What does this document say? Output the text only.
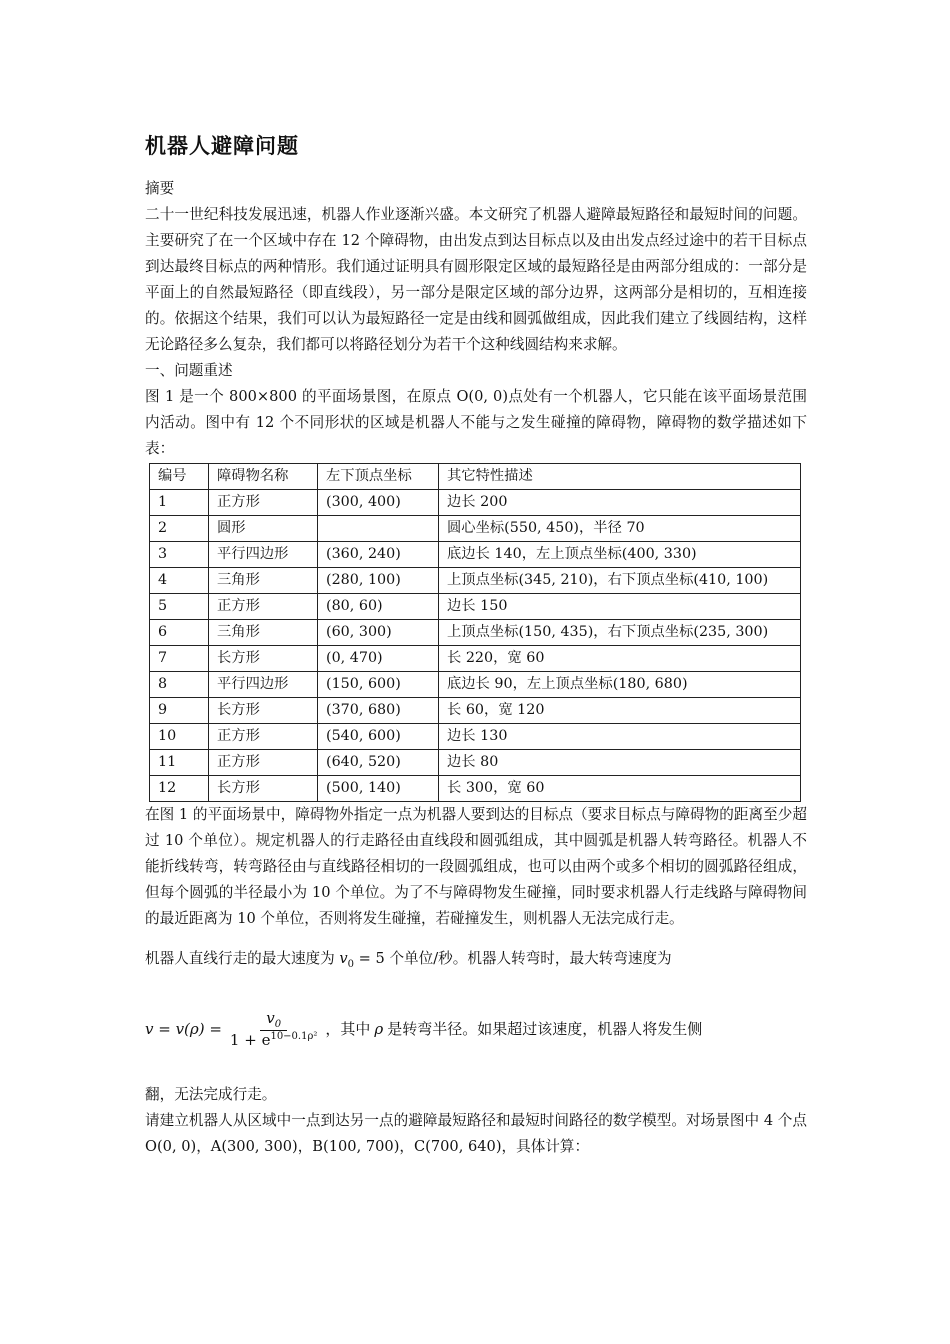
机器人避障问题

摘要

二十一世纪科技发展迅速，机器人作业逐渐兴盛。本文研究了机器人避障最短路径和最短时间的问题。主要研究了在一个区域中存在 12 个障碍物，由出发点到达目标点以及由出发点经过途中的若干目标点到达最终目标点的两种情形。我们通过证明具有圆形限定区域的最短路径是由两部分组成的：一部分是平面上的自然最短路径（即直线段），另一部分是限定区域的部分边界，这两部分是相切的，互相连接的。依据这个结果，我们可以认为最短路径一定是由线和圆弧做组成，因此我们建立了线圆结构，这样无论路径多么复杂，我们都可以将路径划分为若干个这种线圆结构来求解。

一、问题重述

图 1 是一个 800×800 的平面场景图，在原点 O(0, 0)点处有一个机器人，它只能在该平面场景范围内活动。图中有 12 个不同形状的区域是机器人不能与之发生碰撞的障碍物，障碍物的数学描述如下表：

编号	障碍物名称	左下顶点坐标	其它特性描述
1	正方形	(300, 400)	边长 200
2	圆形		圆心坐标(550, 450)，半径 70
3	平行四边形	(360, 240)	底边长 140，左上顶点坐标(400, 330)
4	三角形	(280, 100)	上顶点坐标(345, 210)，右下顶点坐标(410, 100)
5	正方形	(80, 60)	边长 150
6	三角形	(60, 300)	上顶点坐标(150, 435)，右下顶点坐标(235, 300)
7	长方形	(0, 470)	长 220，宽 60
8	平行四边形	(150, 600)	底边长 90，左上顶点坐标(180, 680)
9	长方形	(370, 680)	长 60，宽 120
10	正方形	(540, 600)	边长 130
11	正方形	(640, 520)	边长 80
12	长方形	(500, 140)	长 300，宽 60

在图 1 的平面场景中，障碍物外指定一点为机器人要到达的目标点（要求目标点与障碍物的距离至少超过 10 个单位）。规定机器人的行走路径由直线段和圆弧组成，其中圆弧是机器人转弯路径。机器人不能折线转弯，转弯路径由与直线路径相切的一段圆弧组成，也可以由两个或多个相切的圆弧路径组成，但每个圆弧的半径最小为 10 个单位。为了不与障碍物发生碰撞，同时要求机器人行走线路与障碍物间的最近距离为 10 个单位，否则将发生碰撞，若碰撞发生，则机器人无法完成行走。

机器人直线行走的最大速度为 $v_0 = 5$ 个单位/秒。机器人转弯时，最大转弯速度为

$v = v(\rho) = \frac{v_0}{1 + e^{10-0.1\rho^2}}$ ，其中 ρ 是转弯半径。如果超过该速度，机器人将发生侧

翻，无法完成行走。

请建立机器人从区域中一点到达另一点的避障最短路径和最短时间路径的数学模型。对场景图中 4 个点 O(0, 0)，A(300, 300)，B(100, 700)，C(700, 640)，具体计算：
